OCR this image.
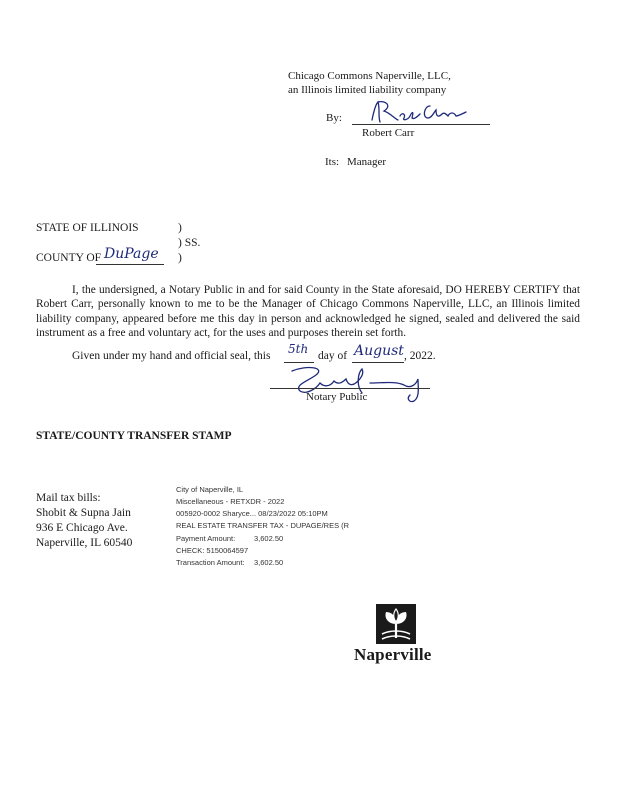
Chicago Commons Naperville, LLC,
an Illinois limited liability company
By:
Robert Carr
Its: Manager
STATE OF ILLINOIS	)
) SS.
COUNTY OF DuPage )
I, the undersigned, a Notary Public in and for said County in the State aforesaid, DO HEREBY CERTIFY that Robert Carr, personally known to me to be the Manager of Chicago Commons Naperville, LLC, an Illinois limited liability company, appeared before me this day in person and acknowledged he signed, sealed and delivered the said instrument as a free and voluntary act, for the uses and purposes therein set forth.
Given under my hand and official seal, this 5th day of August , 2022.
Notary Public
STATE/COUNTY TRANSFER STAMP
Mail tax bills:
Shobit & Supna Jain
936 E Chicago Ave.
Naperville, IL 60540
City of Naperville, IL
Miscellaneous - RETXDR - 2022
005920-0002 Sharyce... 08/23/2022 05:10PM
REAL ESTATE TRANSFER TAX - DUPAGE/RES (R
Payment Amount:	3,602.50
CHECK: 5150064597
Transaction Amount: 3,602.50
Naperville
